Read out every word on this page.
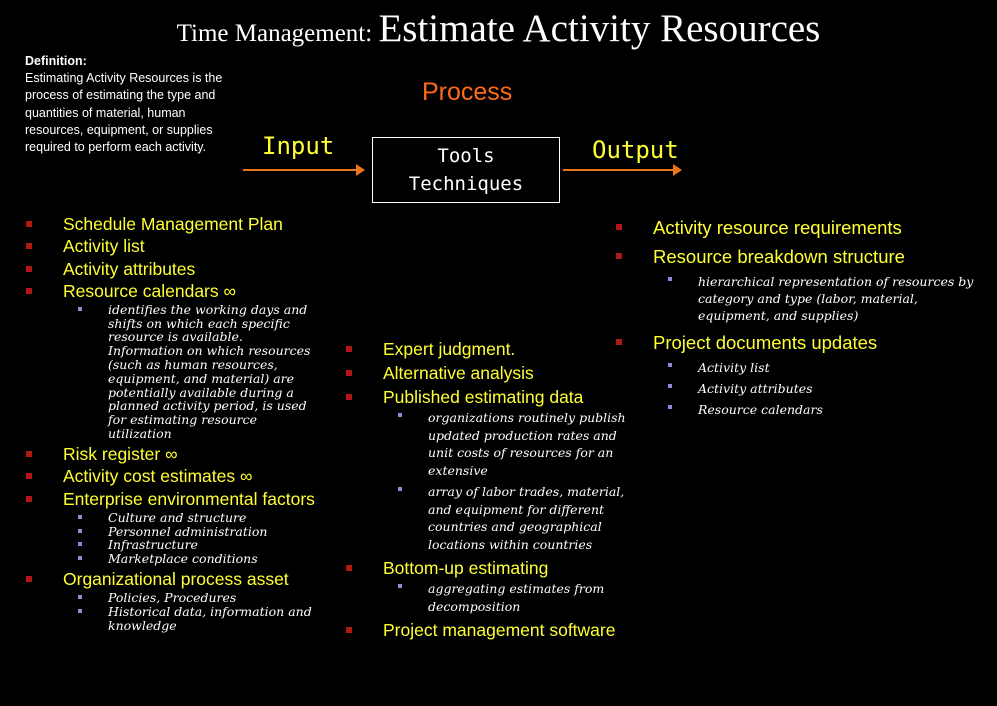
Time Management: Estimate Activity Resources
Definition:
Estimating Activity Resources is the process of estimating the type and quantities of material, human resources, equipment, or supplies required to perform each activity.
Process
Input	Output
Tools
Techniques
Schedule Management Plan
Activity list
Activity attributes
Resource calendars ∞
identifies the working days and shifts on which each specific resource is available. Information on which resources (such as human resources, equipment, and material) are potentially available during a planned activity period, is used for estimating resource utilization
Risk register ∞
Activity cost estimates ∞
Enterprise environmental factors
Culture and structure
Personnel administration
Infrastructure
Marketplace conditions
Organizational process asset
Policies, Procedures
Historical data, information and knowledge
Expert judgment.
Alternative analysis
Published estimating data
organizations routinely publish updated production rates and unit costs of resources for an extensive
array of labor trades, material, and equipment for different countries and geographical locations within countries
Bottom-up estimating
aggregating estimates from decomposition
Project management software
Activity resource requirements
Resource breakdown structure
hierarchical representation of resources by category and type (labor, material, equipment, and supplies)
Project documents updates
Activity list
Activity attributes
Resource calendars
